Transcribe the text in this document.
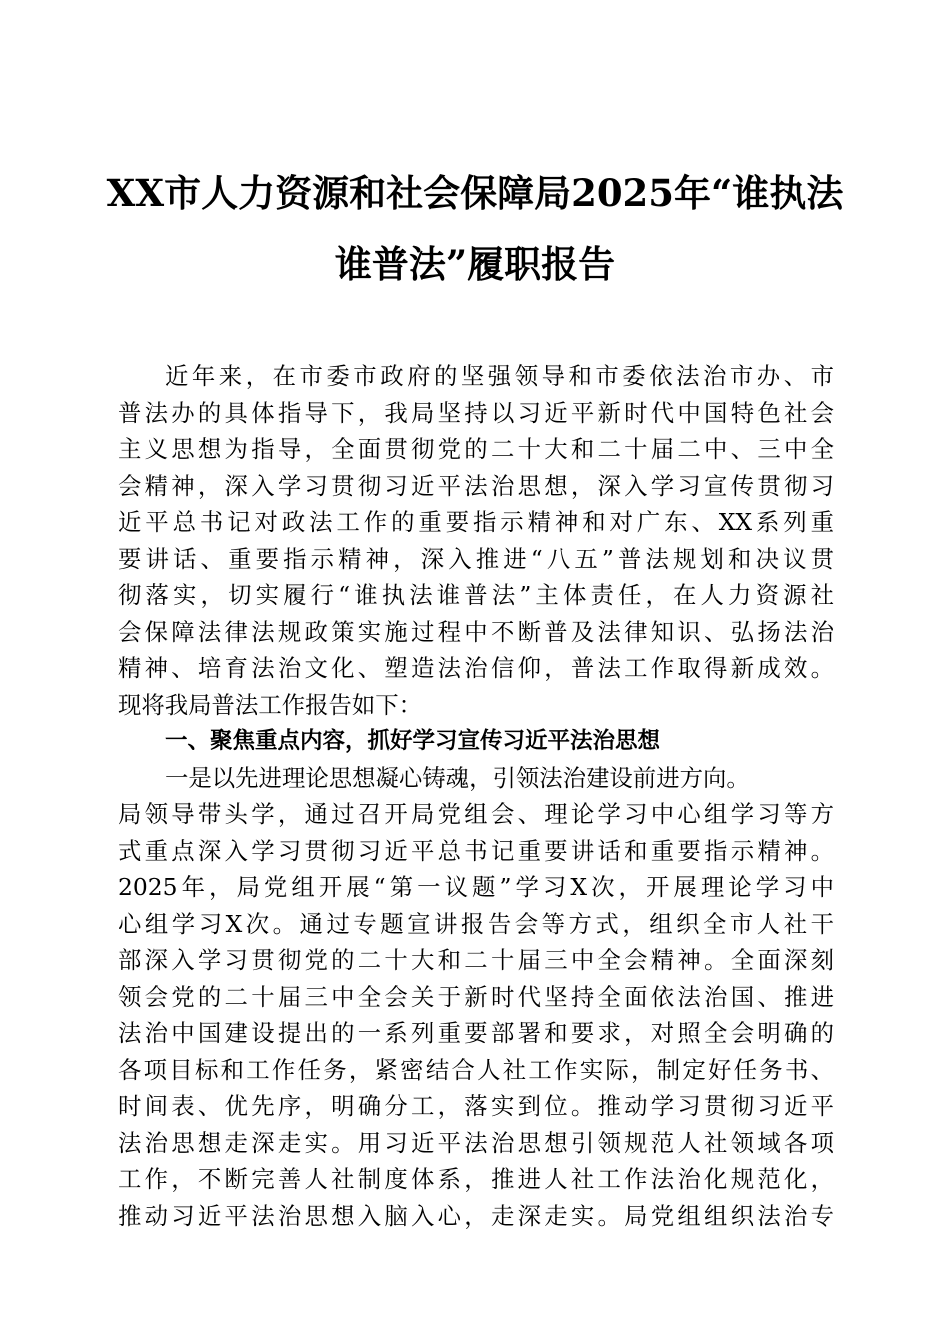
XX市人力资源和社会保障局2025年“谁执法
谁普法”履职报告
近年来，在市委市政府的坚强领导和市委依法治市办、市
普法办的具体指导下，我局坚持以习近平新时代中国特色社会
主义思想为指导，全面贯彻党的二十大和二十届二中、三中全
会精神，深入学习贯彻习近平法治思想，深入学习宣传贯彻习
近平总书记对政法工作的重要指示精神和对广东、XX系列重
要讲话、重要指示精神，深入推进“八五”普法规划和决议贯
彻落实，切实履行“谁执法谁普法”主体责任，在人力资源社
会保障法律法规政策实施过程中不断普及法律知识、弘扬法治
精神、培育法治文化、塑造法治信仰，普法工作取得新成效。
现将我局普法工作报告如下：
一、聚焦重点内容，抓好学习宣传习近平法治思想
一是以先进理论思想凝心铸魂，引领法治建设前进方向。
局领导带头学，通过召开局党组会、理论学习中心组学习等方
式重点深入学习贯彻习近平总书记重要讲话和重要指示精神。
2025年，局党组开展“第一议题”学习X次，开展理论学习中
心组学习X次。通过专题宣讲报告会等方式，组织全市人社干
部深入学习贯彻党的二十大和二十届三中全会精神。全面深刻
领会党的二十届三中全会关于新时代坚持全面依法治国、推进
法治中国建设提出的一系列重要部署和要求，对照全会明确的
各项目标和工作任务，紧密结合人社工作实际，制定好任务书、
时间表、优先序，明确分工，落实到位。推动学习贯彻习近平
法治思想走深走实。用习近平法治思想引领规范人社领域各项
工作，不断完善人社制度体系，推进人社工作法治化规范化，
推动习近平法治思想入脑入心，走深走实。局党组组织法治专
